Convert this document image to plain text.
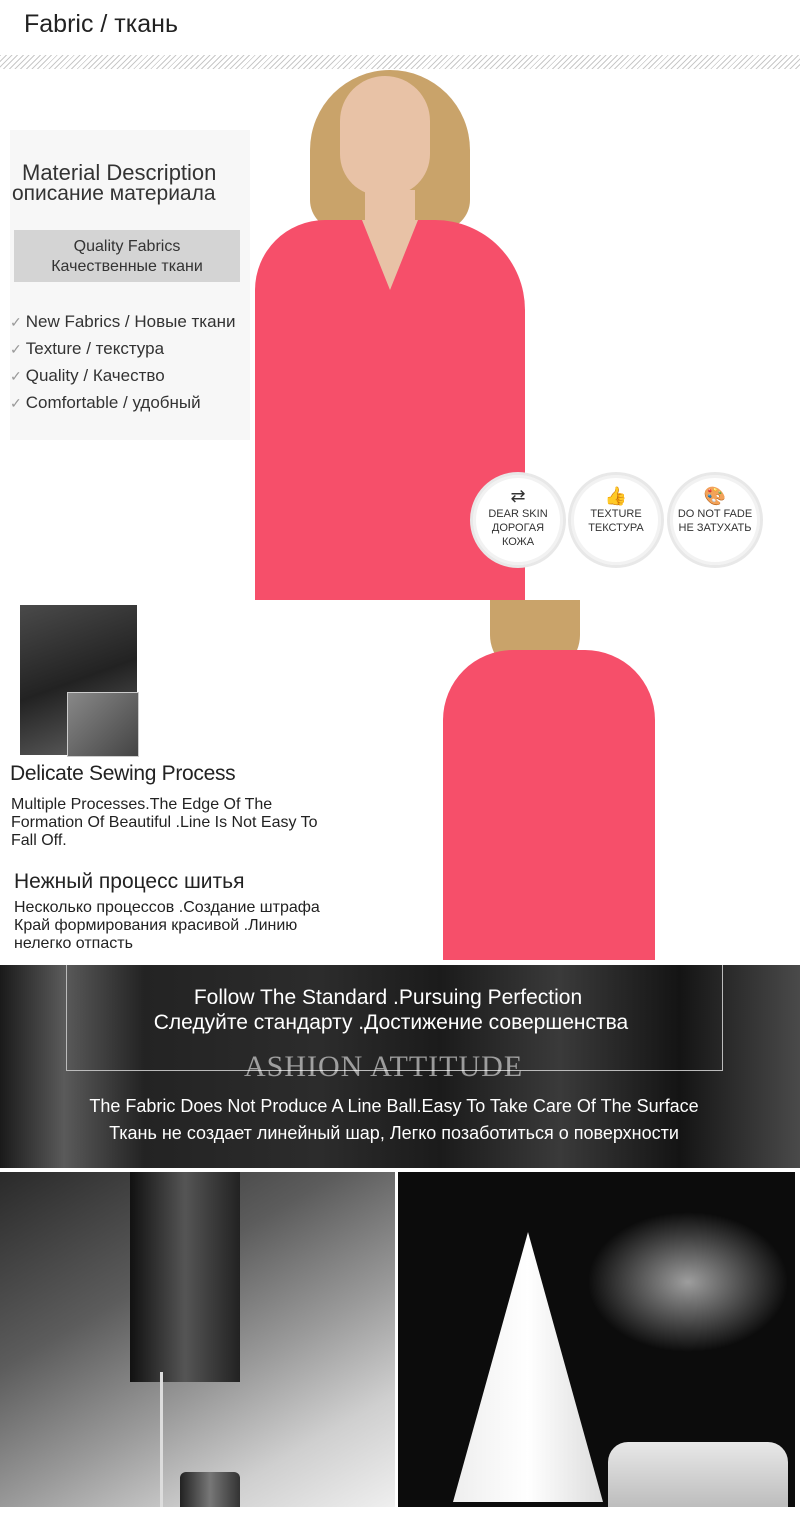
Fabric / ткань
Material Description
описание материала
Quality Fabrics
Качественные ткани
✓ New Fabrics / Новые ткани
✓ Texture / текстура
✓ Quality / Качество
✓ Comfortable / удобный
⇄
DEAR SKIN
ДОРОГАЯ
КОЖА
👍
TEXTURE
ТЕКСТУРА
🎨
DO NOT FADE
НЕ ЗАТУХАТЬ
Delicate Sewing Process
Multiple Processes.The Edge Of The Formation Of Beautiful .Line Is Not Easy To Fall Off.
Нежный процесс шитья
Несколько процессов .Создание штрафа Край формирования красивой .Линию нелегко отпасть
Follow The Standard .Pursuing Perfection
Следуйте стандарту .Достижение совершенства
ASHION ATTITUDE
The Fabric Does Not Produce A Line Ball.Easy To Take Care Of The Surface
Ткань не создает линейный шар, Легко позаботиться о поверхности
